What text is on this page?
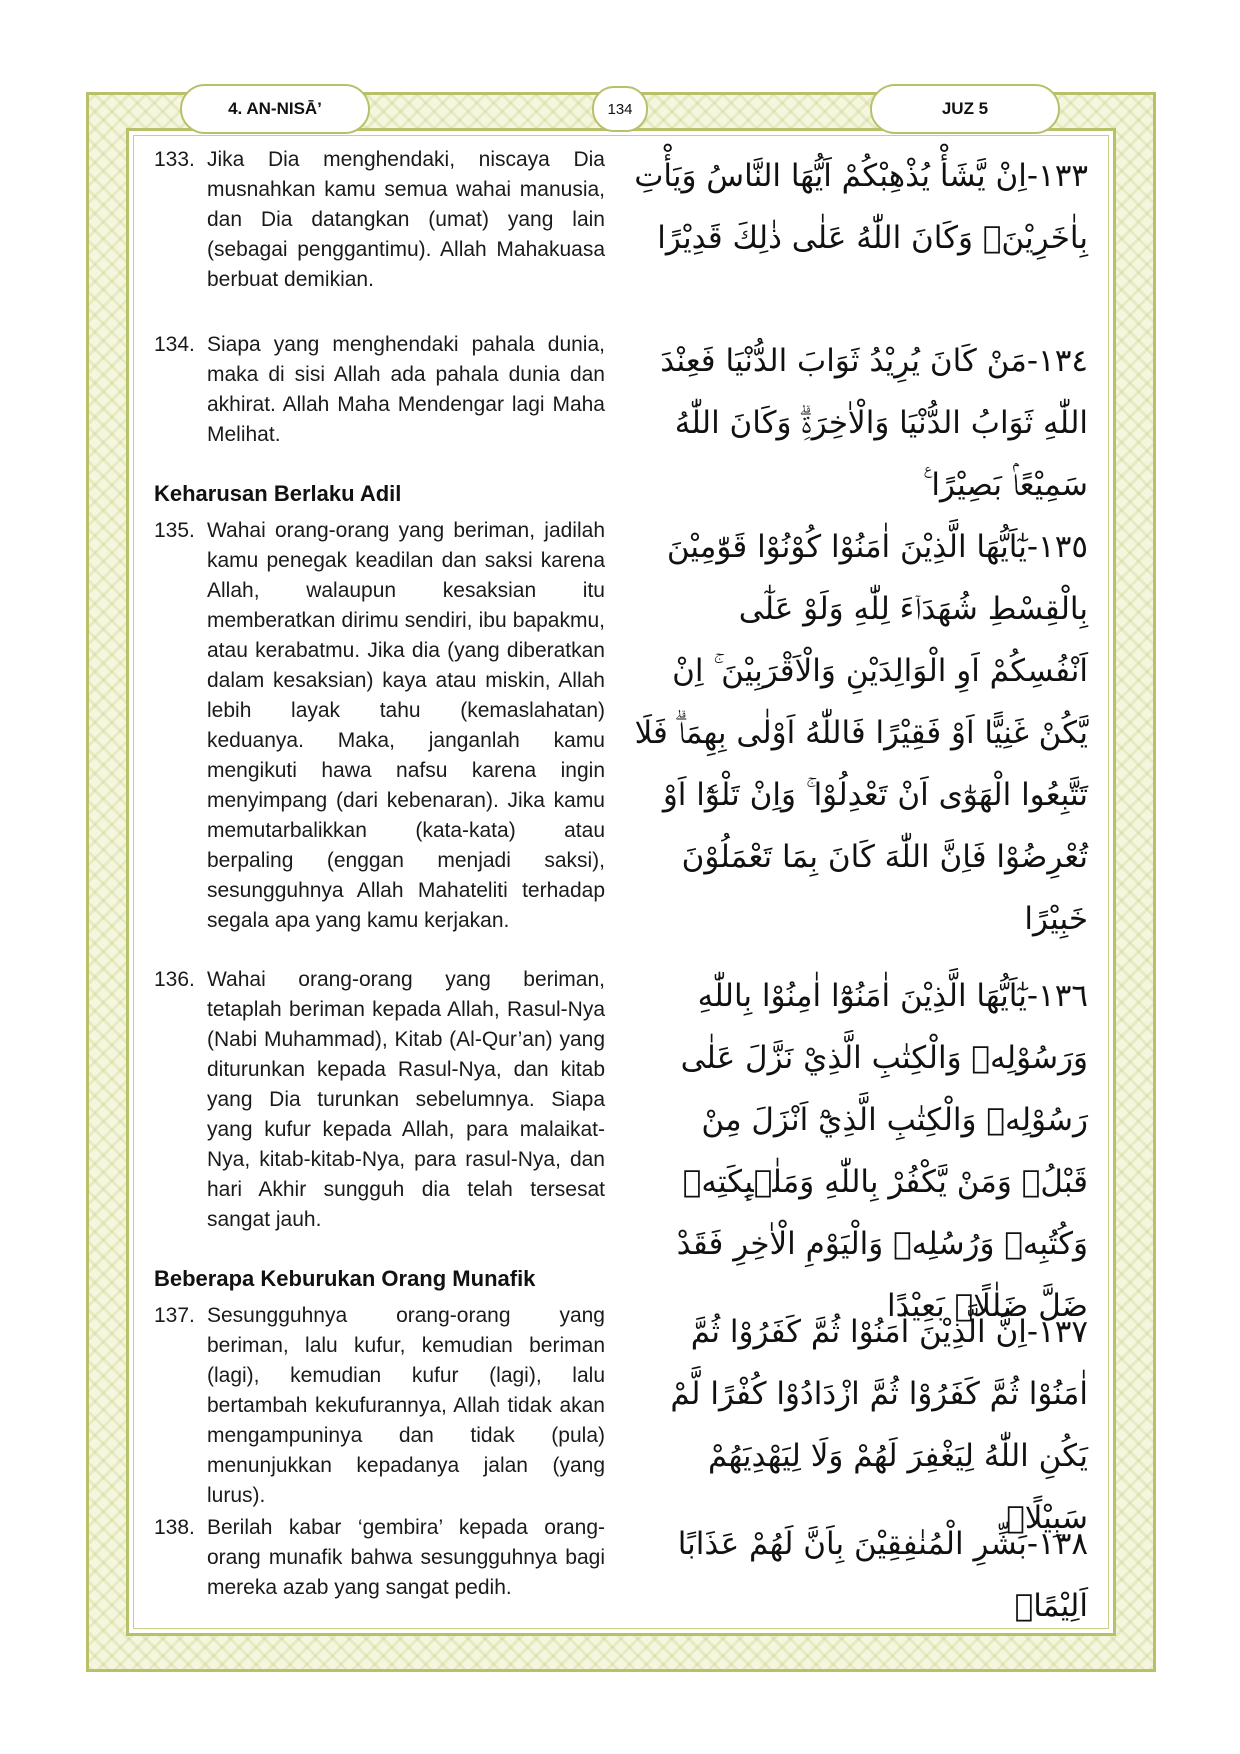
4. AN-NISĀ’	134	JUZ 5
133. Jika Dia menghendaki, niscaya Dia musnahkan kamu semua wahai manusia, dan Dia datangkan (umat) yang lain (sebagai penggantimu). Allah Mahakuasa berbuat demikian.
١٣٣-اِنْ يَّشَأْ يُذْهِبْكُمْ اَيُّهَا النَّاسُ وَيَأْتِ بِاٰخَرِيْنَۗ وَكَانَ اللّٰهُ عَلٰى ذٰلِكَ قَدِيْرًا
134. Siapa yang menghendaki pahala dunia, maka di sisi Allah ada pahala dunia dan akhirat. Allah Maha Mendengar lagi Maha Melihat.
١٣٤-مَنْ كَانَ يُرِيْدُ ثَوَابَ الدُّنْيَا فَعِنْدَ اللّٰهِ ثَوَابُ الدُّنْيَا وَالْاٰخِرَةِۗ وَكَانَ اللّٰهُ سَمِيْعًاۢ بَصِيْرًا ࣖ
Keharusan Berlaku Adil
135. Wahai orang-orang yang beriman, jadilah kamu penegak keadilan dan saksi karena Allah, walaupun kesaksian itu memberatkan dirimu sendiri, ibu bapakmu, atau kerabatmu. Jika dia (yang diberatkan dalam kesaksian) kaya atau miskin, Allah lebih layak tahu (kemaslahatan) keduanya. Maka, janganlah kamu mengikuti hawa nafsu karena ingin menyimpang (dari kebenaran). Jika kamu memutarbalikkan (kata-kata) atau berpaling (enggan menjadi saksi), sesungguhnya Allah Mahateliti terhadap segala apa yang kamu kerjakan.
١٣٥-يٰٓاَيُّهَا الَّذِيْنَ اٰمَنُوْا كُوْنُوْا قَوّٰمِيْنَ بِالْقِسْطِ شُهَدَاۤءَ لِلّٰهِ وَلَوْ عَلٰٓى اَنْفُسِكُمْ اَوِ الْوَالِدَيْنِ وَالْاَقْرَبِيْنَ ۚ اِنْ يَّكُنْ غَنِيًّا اَوْ فَقِيْرًا فَاللّٰهُ اَوْلٰى بِهِمَاۗ فَلَا تَتَّبِعُوا الْهَوٰٓى اَنْ تَعْدِلُوْا ۚ وَاِنْ تَلْوٗٓا اَوْ تُعْرِضُوْا فَاِنَّ اللّٰهَ كَانَ بِمَا تَعْمَلُوْنَ خَبِيْرًا
136. Wahai orang-orang yang beriman, tetaplah beriman kepada Allah, Rasul-Nya (Nabi Muhammad), Kitab (Al-Qur’an) yang diturunkan kepada Rasul-Nya, dan kitab yang Dia turunkan sebelumnya. Siapa yang kufur kepada Allah, para malaikat-Nya, kitab-kitab-Nya, para rasul-Nya, dan hari Akhir sungguh dia telah tersesat sangat jauh.
١٣٦-يٰٓاَيُّهَا الَّذِيْنَ اٰمَنُوْٓا اٰمِنُوْا بِاللّٰهِ وَرَسُوْلِهٖ وَالْكِتٰبِ الَّذِيْ نَزَّلَ عَلٰى رَسُوْلِهٖ وَالْكِتٰبِ الَّذِيْٓ اَنْزَلَ مِنْ قَبْلُۗ وَمَنْ يَّكْفُرْ بِاللّٰهِ وَمَلٰۤىِٕكَتِهٖ وَكُتُبِهٖ وَرُسُلِهٖ وَالْيَوْمِ الْاٰخِرِ فَقَدْ ضَلَّ ضَلٰلًاۢ بَعِيْدًا
Beberapa Keburukan Orang Munafik
137. Sesungguhnya orang-orang yang beriman, lalu kufur, kemudian beriman (lagi), kemudian kufur (lagi), lalu bertambah kekufurannya, Allah tidak akan mengampuninya dan tidak (pula) menunjukkan kepadanya jalan (yang lurus).
١٣٧-اِنَّ الَّذِيْنَ اٰمَنُوْا ثُمَّ كَفَرُوْا ثُمَّ اٰمَنُوْا ثُمَّ كَفَرُوْا ثُمَّ ازْدَادُوْا كُفْرًا لَّمْ يَكُنِ اللّٰهُ لِيَغْفِرَ لَهُمْ وَلَا لِيَهْدِيَهُمْ سَبِيْلًاۗ
138. Berilah kabar ‘gembira’ kepada orang-orang munafik bahwa sesungguhnya bagi mereka azab yang sangat pedih.
١٣٨-بَشِّرِ الْمُنٰفِقِيْنَ بِاَنَّ لَهُمْ عَذَابًا اَلِيْمًاۙ
